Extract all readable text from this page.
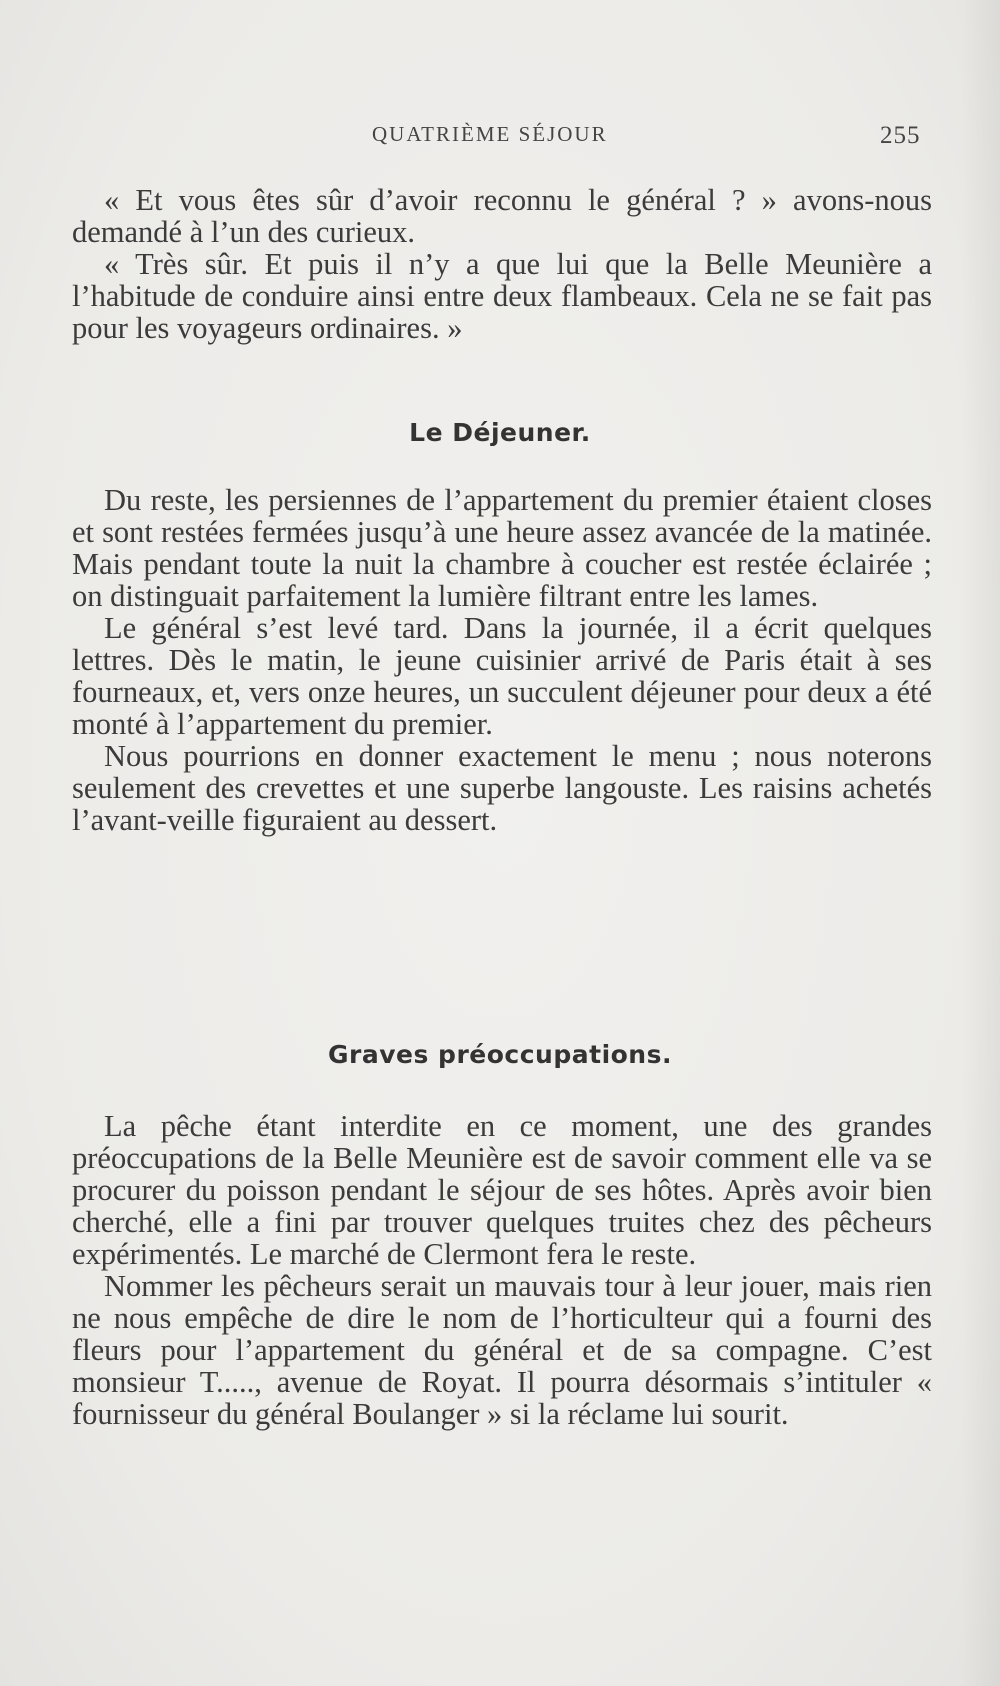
QUATRIÈME SÉJOUR	255

« Et vous êtes sûr d’avoir reconnu le général ? » avons-nous demandé à l’un des curieux.

« Très sûr. Et puis il n’y a que lui que la Belle Meunière a l’habitude de conduire ainsi entre deux flambeaux. Cela ne se fait pas pour les voyageurs ordinaires. »

Le Déjeuner.

Du reste, les persiennes de l’appartement du premier étaient closes et sont restées fermées jusqu’à une heure assez avancée de la matinée. Mais pendant toute la nuit la chambre à coucher est restée éclairée ; on distinguait parfaitement la lumière filtrant entre les lames.

Le général s’est levé tard. Dans la journée, il a écrit quelques lettres. Dès le matin, le jeune cuisinier arrivé de Paris était à ses fourneaux, et, vers onze heures, un succulent déjeuner pour deux a été monté à l’appartement du premier.

Nous pourrions en donner exactement le menu ; nous noterons seulement des crevettes et une superbe langouste. Les raisins achetés l’avant-veille figuraient au dessert.

Graves préoccupations.

La pêche étant interdite en ce moment, une des grandes préoccupations de la Belle Meunière est de savoir comment elle va se procurer du poisson pendant le séjour de ses hôtes. Après avoir bien cherché, elle a fini par trouver quelques truites chez des pêcheurs expérimentés. Le marché de Clermont fera le reste.

Nommer les pêcheurs serait un mauvais tour à leur jouer, mais rien ne nous empêche de dire le nom de l’horticulteur qui a fourni des fleurs pour l’appartement du général et de sa compagne. C’est monsieur T....., avenue de Royat. Il pourra désormais s’intituler « fournisseur du général Boulanger » si la réclame lui sourit.
